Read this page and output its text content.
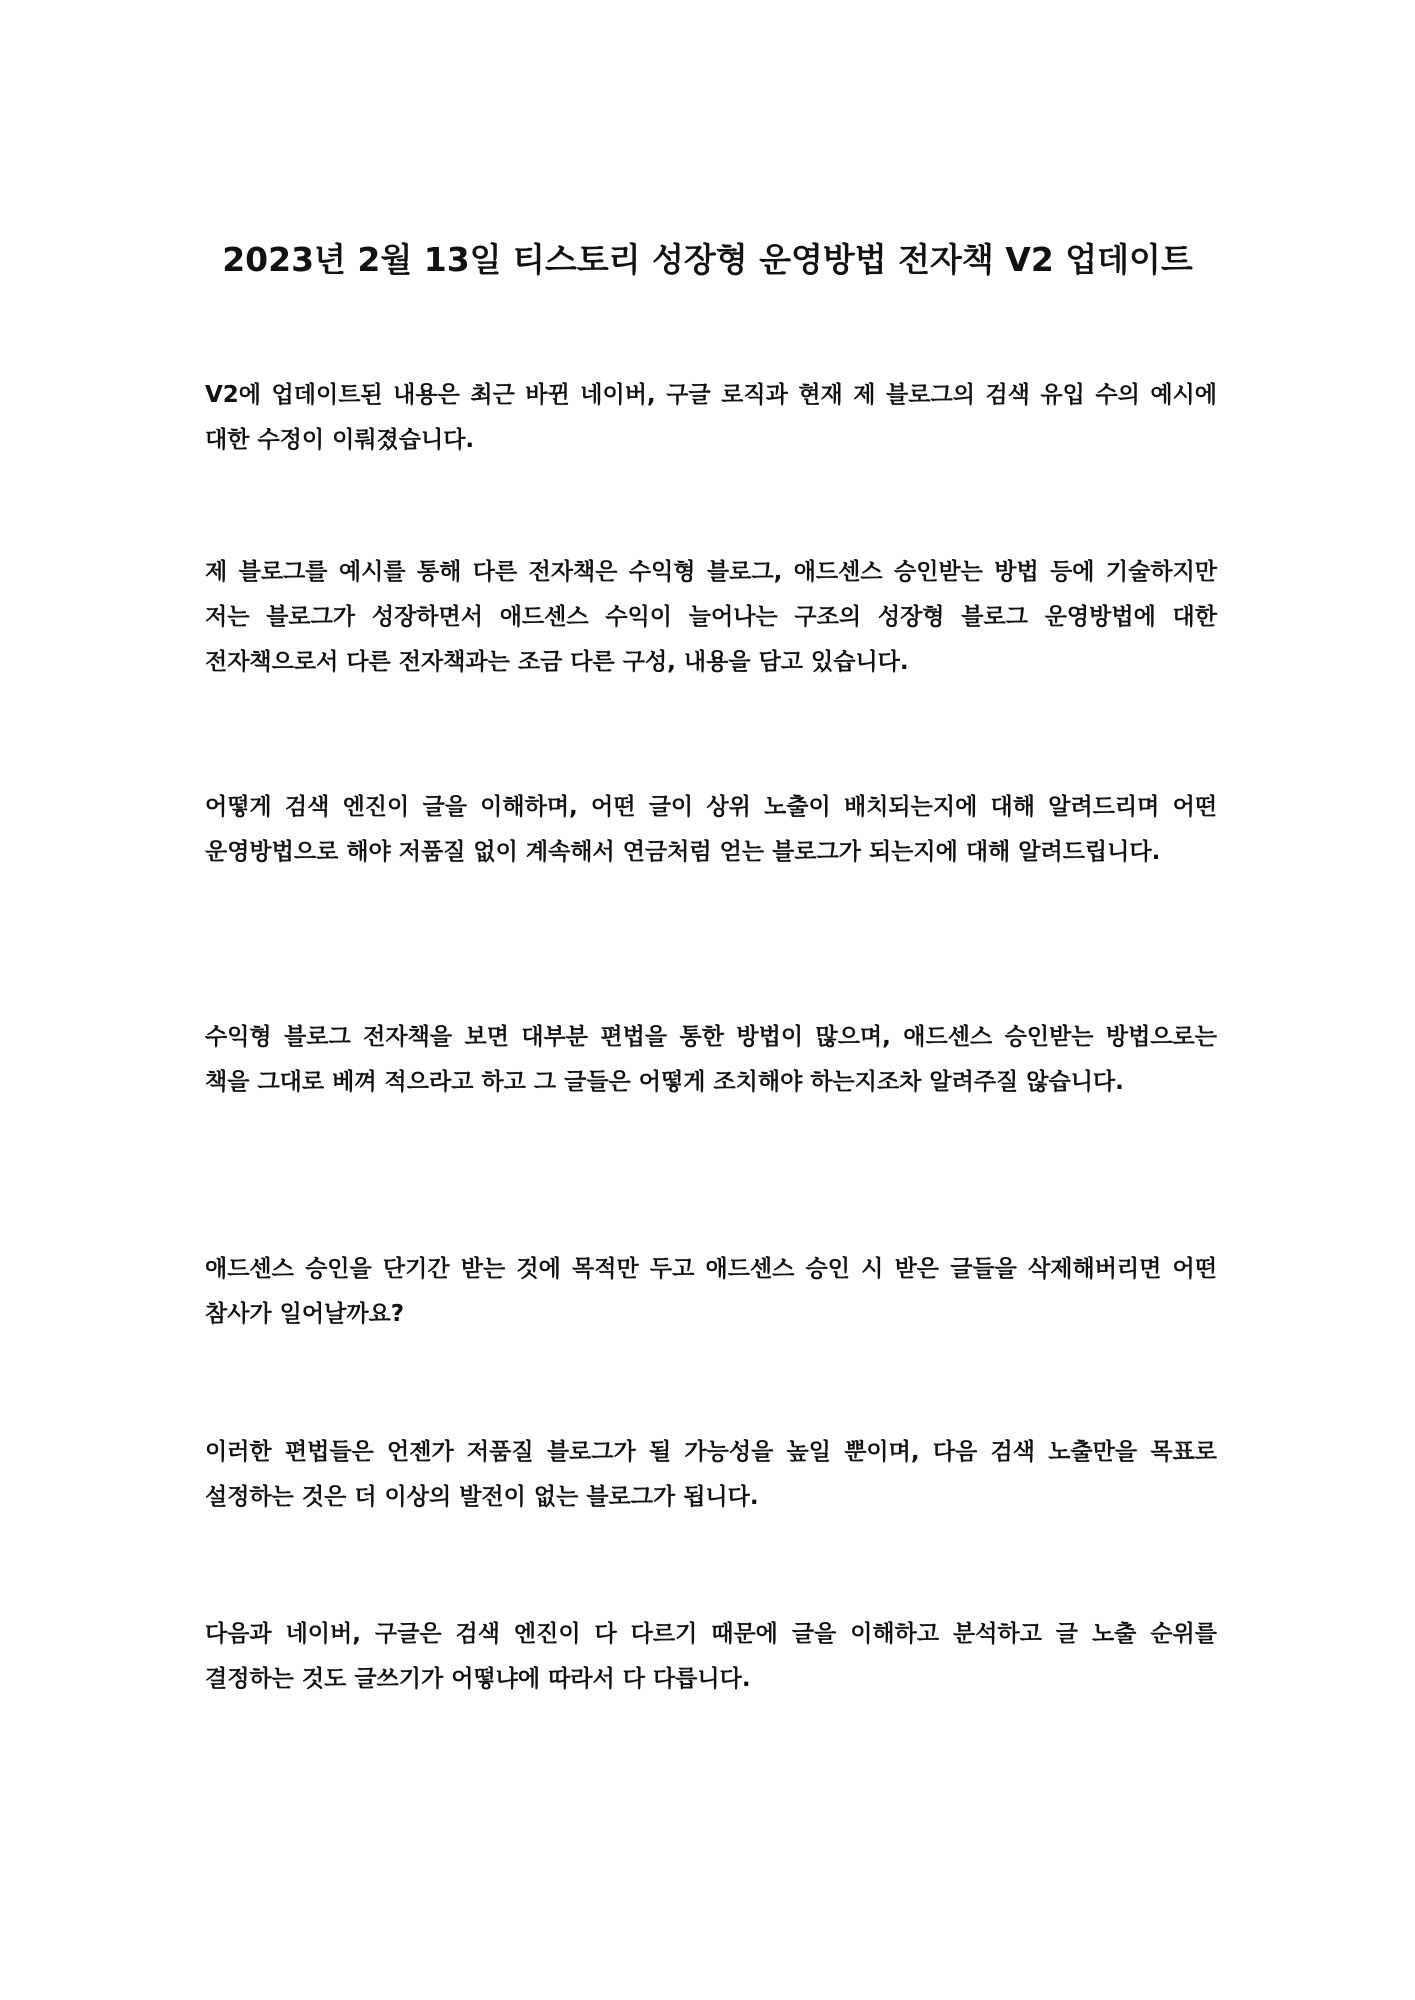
2023년 2월 13일 티스토리 성장형 운영방법 전자책 V2 업데이트
V2에 업데이트된 내용은 최근 바뀐 네이버, 구글 로직과 현재 제 블로그의 검색 유입 수의 예시에 대한 수정이 이뤄졌습니다.
제 블로그를 예시를 통해 다른 전자책은 수익형 블로그, 애드센스 승인받는 방법 등에 기술하지만 저는 블로그가 성장하면서 애드센스 수익이 늘어나는 구조의 성장형 블로그 운영방법에 대한 전자책으로서 다른 전자책과는 조금 다른 구성, 내용을 담고 있습니다.
어떻게 검색 엔진이 글을 이해하며, 어떤 글이 상위 노출이 배치되는지에 대해 알려드리며 어떤 운영방법으로 해야 저품질 없이 계속해서 연금처럼 얻는 블로그가 되는지에 대해 알려드립니다.
수익형 블로그 전자책을 보면 대부분 편법을 통한 방법이 많으며, 애드센스 승인받는 방법으로는 책을 그대로 베껴 적으라고 하고 그 글들은 어떻게 조치해야 하는지조차 알려주질 않습니다.
애드센스 승인을 단기간 받는 것에 목적만 두고 애드센스 승인 시 받은 글들을 삭제해버리면 어떤 참사가 일어날까요?
이러한 편법들은 언젠가 저품질 블로그가 될 가능성을 높일 뿐이며, 다음 검색 노출만을 목표로 설정하는 것은 더 이상의 발전이 없는 블로그가 됩니다.
다음과 네이버, 구글은 검색 엔진이 다 다르기 때문에 글을 이해하고 분석하고 글 노출 순위를 결정하는 것도 글쓰기가 어떻냐에 따라서 다 다릅니다.
